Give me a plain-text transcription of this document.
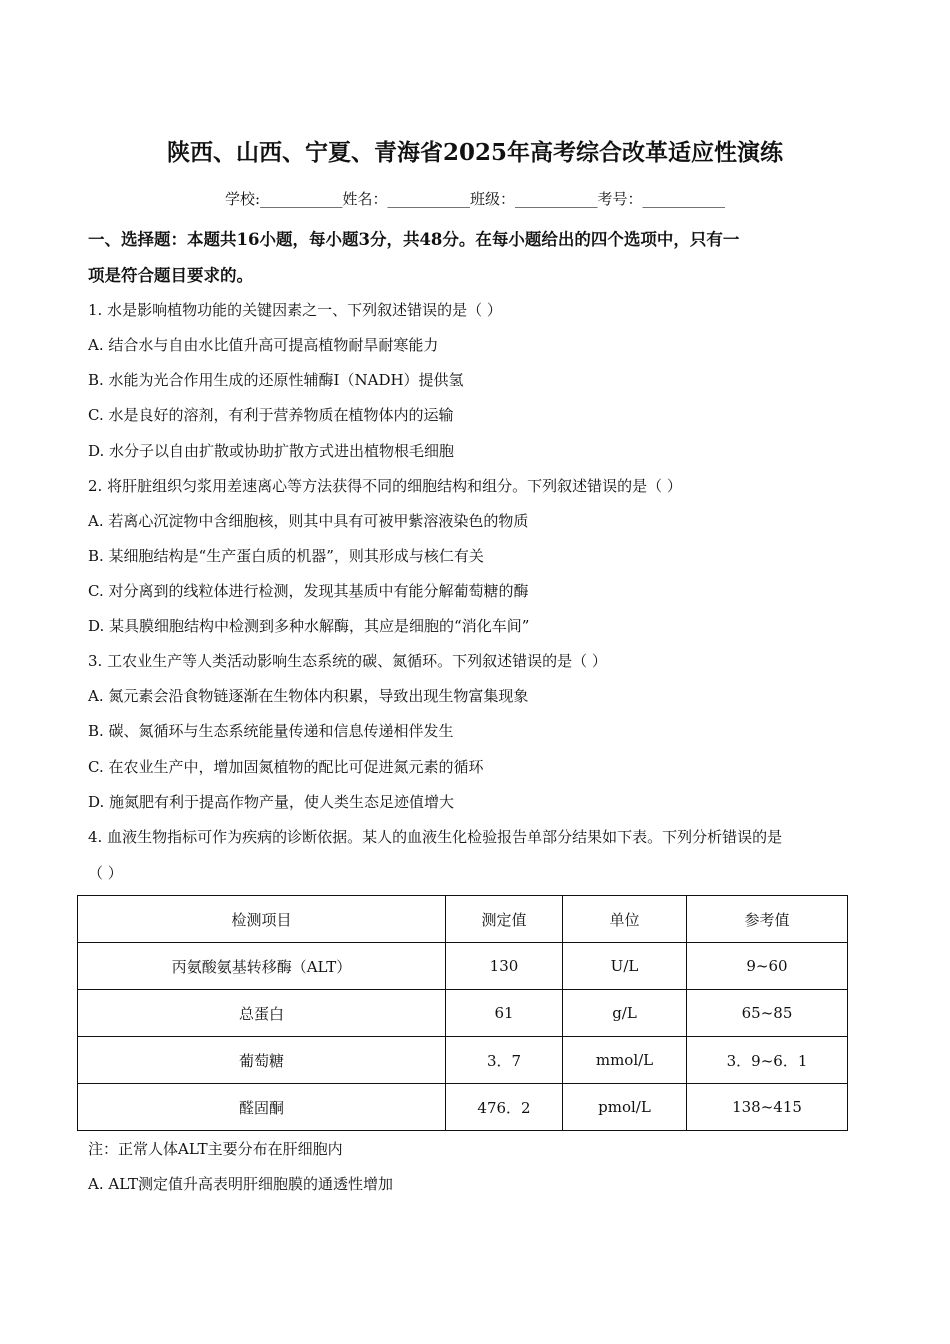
陕西、山西、宁夏、青海省2025年高考综合改革适应性演练
学校:___________姓名：___________班级：___________考号：___________
一、选择题：本题共16小题，每小题3分，共48分。在每小题给出的四个选项中，只有一
项是符合题目要求的。
1. 水是影响植物功能的关键因素之一、下列叙述错误的是（ ）
A. 结合水与自由水比值升高可提高植物耐旱耐寒能力
B. 水能为光合作用生成的还原性辅酶Ⅰ（NADH）提供氢
C. 水是良好的溶剂，有利于营养物质在植物体内的运输
D. 水分子以自由扩散或协助扩散方式进出植物根毛细胞
2. 将肝脏组织匀浆用差速离心等方法获得不同的细胞结构和组分。下列叙述错误的是（ ）
A. 若离心沉淀物中含细胞核，则其中具有可被甲紫溶液染色的物质
B. 某细胞结构是“生产蛋白质的机器”，则其形成与核仁有关
C. 对分离到的线粒体进行检测，发现其基质中有能分解葡萄糖的酶
D. 某具膜细胞结构中检测到多种水解酶，其应是细胞的“消化车间”
3. 工农业生产等人类活动影响生态系统的碳、氮循环。下列叙述错误的是（ ）
A. 氮元素会沿食物链逐渐在生物体内积累，导致出现生物富集现象
B. 碳、氮循环与生态系统能量传递和信息传递相伴发生
C. 在农业生产中，增加固氮植物的配比可促进氮元素的循环
D. 施氮肥有利于提高作物产量，使人类生态足迹值增大
4. 血液生物指标可作为疾病的诊断依据。某人的血液生化检验报告单部分结果如下表。下列分析错误的是
（ ）
检测项目	测定值	单位	参考值
丙氨酸氨基转移酶（ALT）	130	U/L	9~60
总蛋白	61	g/L	65~85
葡萄糖	3．7	mmol/L	3．9~6．1
醛固酮	476．2	pmol/L	138~415
注：正常人体ALT主要分布在肝细胞内
A. ALT测定值升高表明肝细胞膜的通透性增加
